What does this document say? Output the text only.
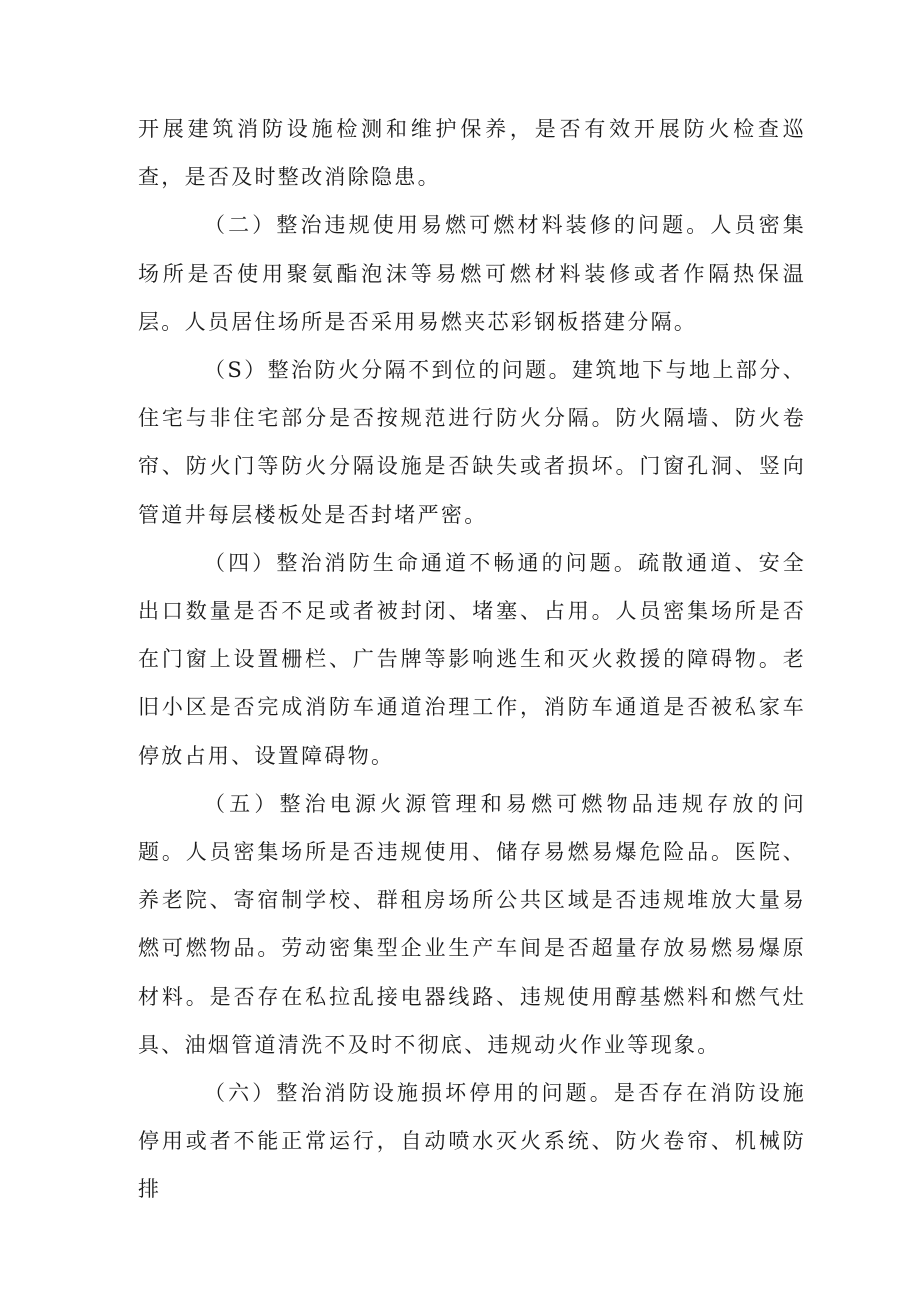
开展建筑消防设施检测和维护保养，是否有效开展防火检查巡查，是否及时整改消除隐患。

（二）整治违规使用易燃可燃材料装修的问题。人员密集场所是否使用聚氨酯泡沫等易燃可燃材料装修或者作隔热保温层。人员居住场所是否采用易燃夹芯彩钢板搭建分隔。

（S）整治防火分隔不到位的问题。建筑地下与地上部分、住宅与非住宅部分是否按规范进行防火分隔。防火隔墙、防火卷帘、防火门等防火分隔设施是否缺失或者损坏。门窗孔洞、竖向管道井每层楼板处是否封堵严密。

（四）整治消防生命通道不畅通的问题。疏散通道、安全出口数量是否不足或者被封闭、堵塞、占用。人员密集场所是否在门窗上设置栅栏、广告牌等影响逃生和灭火救援的障碍物。老旧小区是否完成消防车通道治理工作，消防车通道是否被私家车停放占用、设置障碍物。

（五）整治电源火源管理和易燃可燃物品违规存放的问题。人员密集场所是否违规使用、储存易燃易爆危险品。医院、养老院、寄宿制学校、群租房场所公共区域是否违规堆放大量易燃可燃物品。劳动密集型企业生产车间是否超量存放易燃易爆原材料。是否存在私拉乱接电器线路、违规使用醇基燃料和燃气灶具、油烟管道清洗不及时不彻底、违规动火作业等现象。

（六）整治消防设施损坏停用的问题。是否存在消防设施停用或者不能正常运行，自动喷水灭火系统、防火卷帘、机械防排
